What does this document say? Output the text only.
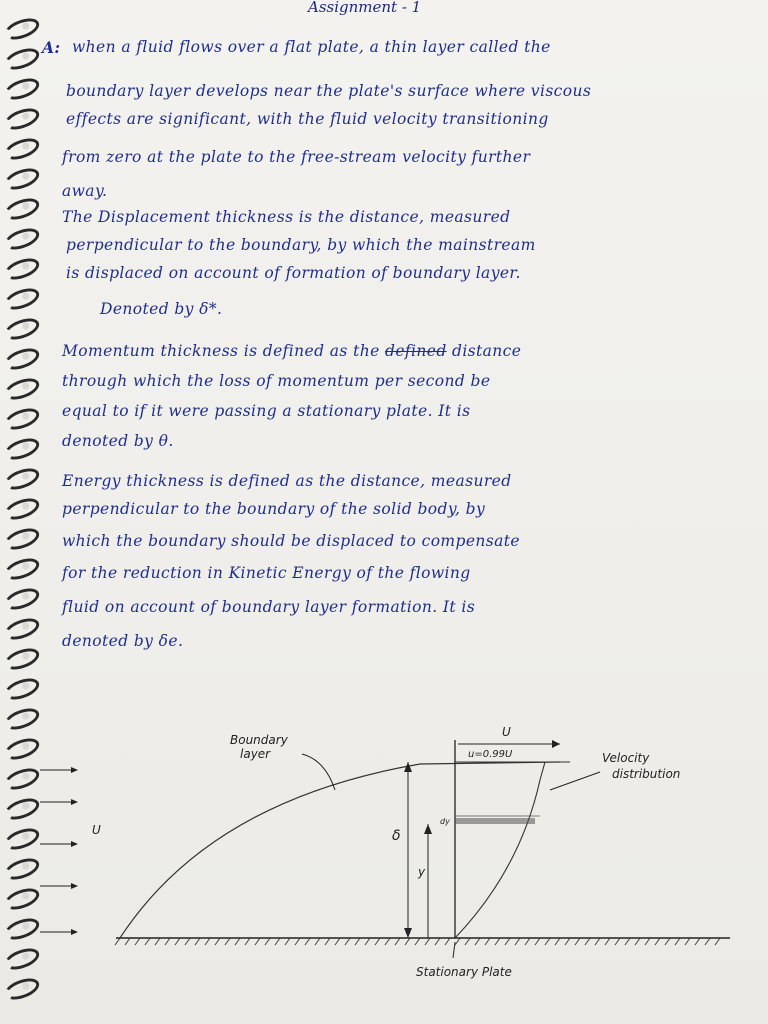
Assignment - 1
A: when a fluid flows over a flat plate, a thin layer called the
boundary layer develops near the plate's surface where viscous
effects are significant, with the fluid velocity transitioning
from zero at the plate to the free-stream velocity further
away.
The Displacement thickness is the distance, measured
perpendicular to the boundary, by which the mainstream
is displaced on account of formation of boundary layer.
Denoted by δ*.
Momentum thickness is defined as the defined distance
through which the loss of momentum per second be
equal to if it were passing a stationary plate. It is
denoted by θ.
Energy thickness is defined as the distance, measured
perpendicular to the boundary of the solid body, by
which the boundary should be displaced to compensate
for the reduction in Kinetic Energy of the flowing
fluid on account of boundary layer formation. It is
denoted by δe.
U
u=0.99U
Boundary
layer	Velocity
distribution
δ
y
dy
U
Stationary Plate
